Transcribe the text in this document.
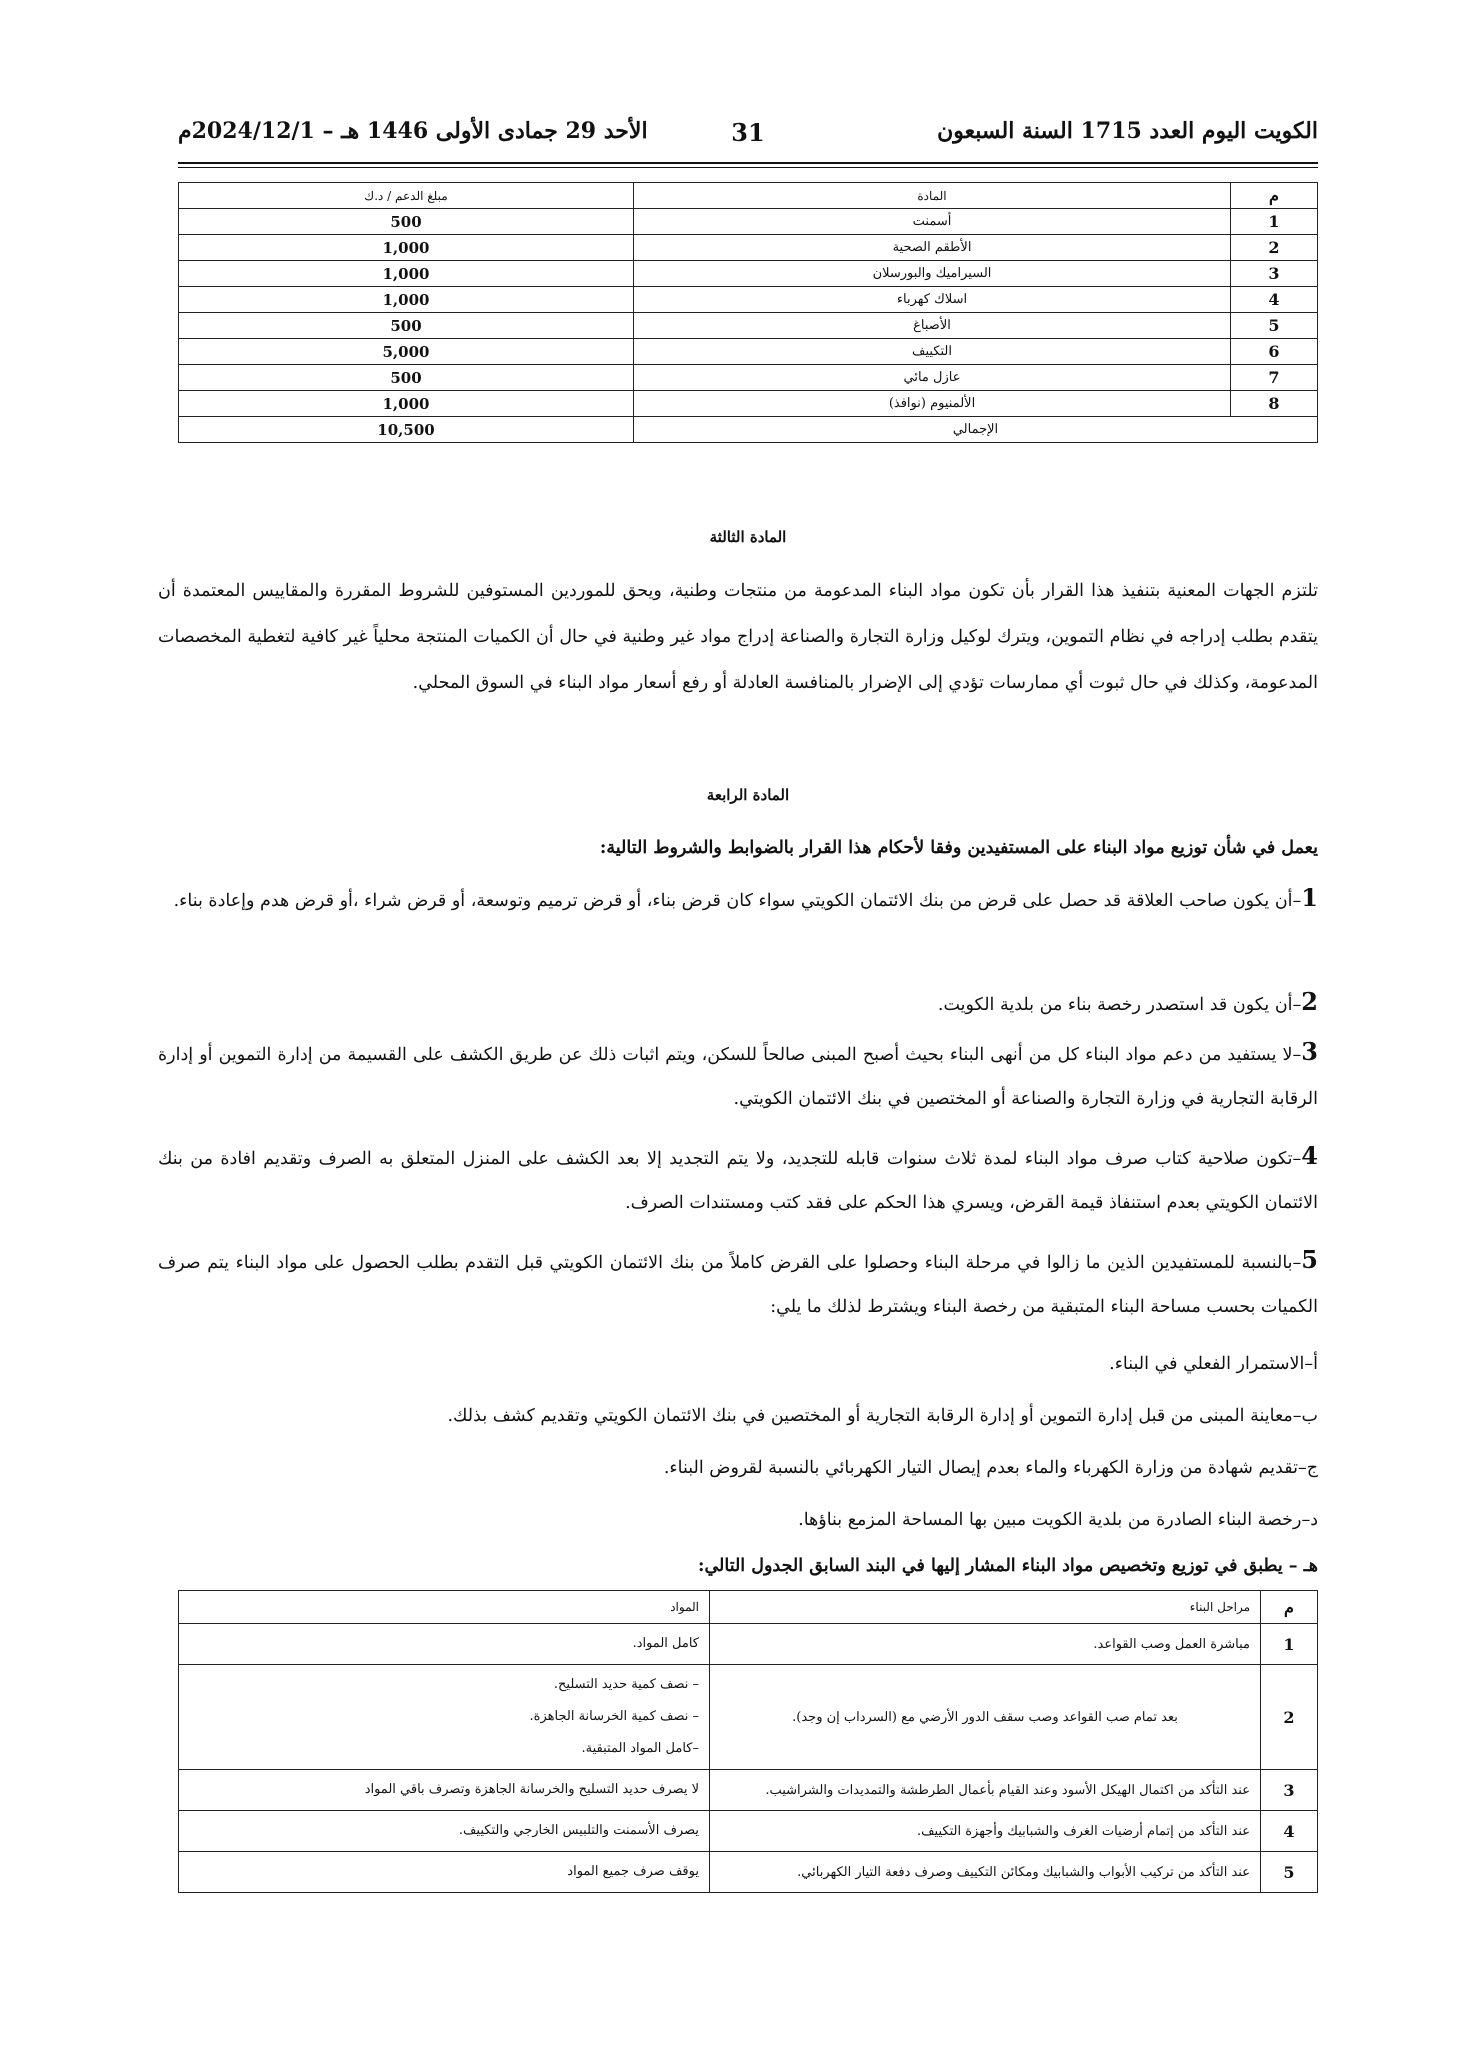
الكويت اليوم العدد 1715 السنة السبعون
31
الأحد 29 جمادى الأولى 1446 هـ – 2024/12/1م
م	المادة	مبلغ الدعم / د.ك
1	أسمنت	500
2	الأطقم الصحية	1,000
3	السيراميك والبورسلان	1,000
4	اسلاك كهرباء	1,000
5	الأصباغ	500
6	التكييف	5,000
7	عازل مائي	500
8	الألمنيوم (نوافذ)	1,000
الإجمالي		10,500
المادة الثالثة
تلتزم الجهات المعنية بتنفيذ هذا القرار بأن تكون مواد البناء المدعومة من منتجات وطنية، ويحق للموردين المستوفين للشروط المقررة والمقاييس المعتمدة أن يتقدم بطلب إدراجه في نظام التموين، ويترك لوكيل وزارة التجارة والصناعة إدراج مواد غير وطنية في حال أن الكميات المنتجة محلياً غير كافية لتغطية المخصصات المدعومة، وكذلك في حال ثبوت أي ممارسات تؤدي إلى الإضرار بالمنافسة العادلة أو رفع أسعار مواد البناء في السوق المحلي.
المادة الرابعة
يعمل في شأن توزيع مواد البناء على المستفيدين وفقا لأحكام هذا القرار بالضوابط والشروط التالية:
1–أن يكون صاحب العلاقة قد حصل على قرض من بنك الائتمان الكويتي سواء كان قرض بناء، أو قرض ترميم وتوسعة، أو قرض شراء ،أو قرض هدم وإعادة بناء.
2–أن يكون قد استصدر رخصة بناء من بلدية الكويت.
3–لا يستفيد من دعم مواد البناء كل من أنهى البناء بحيث أصبح المبنى صالحاً للسكن، ويتم اثبات ذلك عن طريق الكشف على القسيمة من إدارة التموين أو إدارة الرقابة التجارية في وزارة التجارة والصناعة أو المختصين في بنك الائتمان الكويتي.
4–تكون صلاحية كتاب صرف مواد البناء لمدة ثلاث سنوات قابله للتجديد، ولا يتم التجديد إلا بعد الكشف على المنزل المتعلق به الصرف وتقديم افادة من بنك الائتمان الكويتي بعدم استنفاذ قيمة القرض، ويسري هذا الحكم على فقد كتب ومستندات الصرف.
5–بالنسبة للمستفيدين الذين ما زالوا في مرحلة البناء وحصلوا على القرض كاملاً من بنك الائتمان الكويتي قبل التقدم بطلب الحصول على مواد البناء يتم صرف الكميات بحسب مساحة البناء المتبقية من رخصة البناء ويشترط لذلك ما يلي:
أ–الاستمرار الفعلي في البناء.
ب–معاينة المبنى من قبل إدارة التموين أو إدارة الرقابة التجارية أو المختصين في بنك الائتمان الكويتي وتقديم كشف بذلك.
ج–تقديم شهادة من وزارة الكهرباء والماء بعدم إيصال التيار الكهربائي بالنسبة لقروض البناء.
د–رخصة البناء الصادرة من بلدية الكويت مبين بها المساحة المزمع بناؤها.
هـ – يطبق في توزيع وتخصيص مواد البناء المشار إليها في البند السابق الجدول التالي:
م	مراحل البناء	المواد
1	مباشرة العمل وصب القواعد.	كامل المواد.

2	بعد تمام صب القواعد وصب سقف الدور الأرضي مع (السرداب إن وجد).	– نصف كمية حديد التسليح.
– نصف كمية الخرسانة الجاهزة.
–كامل المواد المتبقية.

3	عند التأكد من اكتمال الهيكل الأسود وعند القيام بأعمال الطرطشة والتمديدات والشراشيب.	لا يصرف حديد التسليح والخرسانة الجاهزة وتصرف باقي المواد

4	عند التأكد من إتمام أرضيات الغرف والشبابيك وأجهزة التكييف.	يصرف الأسمنت والتلبيس الخارجي والتكييف.

5	عند التأكد من تركيب الأبواب والشبابيك ومكائن التكييف وصرف دفعة التيار الكهربائي.	يوقف صرف جميع المواد
